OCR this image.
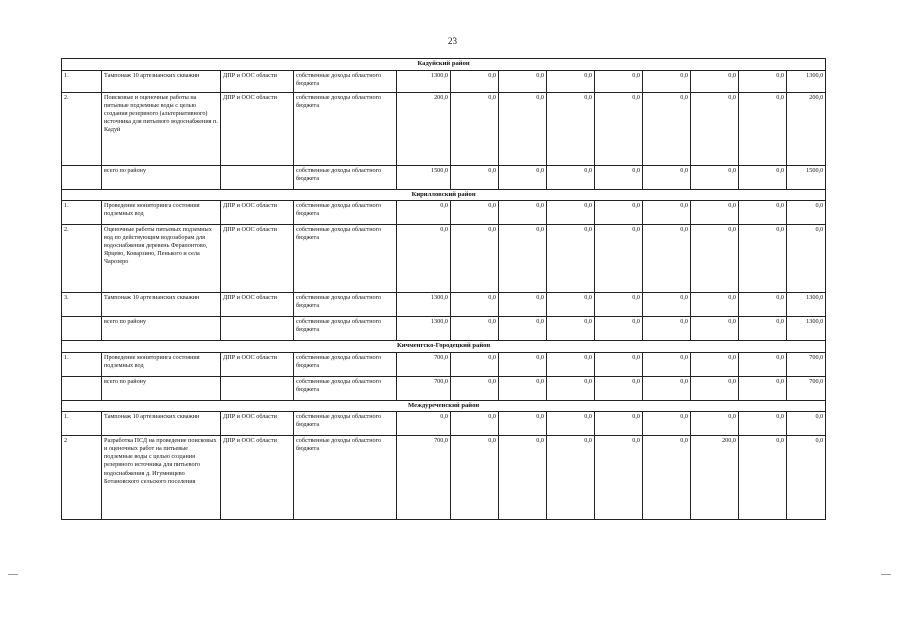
23
Кадуйский район												
1.	Тампонаж 10 артезианских скважин	ДПР и ООС области	собственные доходы областного бюджета	1300,0	0,0	0,0	0,0	0,0	0,0	0,0	0,0	1300,0
2.	Поисковые и оценочные работы на питьевые подземные воды с целью создания резервного (альтернативного) источника для питьевого водоснабжения п. Кадуй	ДПР и ООС области	собственные доходы областного бюджета	200,0	0,0	0,0	0,0	0,0	0,0	0,0	0,0	200,0
	всего по району		собственные доходы областного бюджета	1500,0	0,0	0,0	0,0	0,0	0,0	0,0	0,0	1500,0
Кирилловский район												
1.	Проведение мониторинга состояния подземных вод	ДПР и ООС области	собственные доходы областного бюджета	0,0	0,0	0,0	0,0	0,0	0,0	0,0	0,0	0,0
2.	Оценочные работы питьевых подземных вод по действующим водозаборам для водоснабжения деревень Ферапонтово, Ярцево, Коварзино, Пенького и села Чарозеро	ДПР и ООС области	собственные доходы областного бюджета	0,0	0,0	0,0	0,0	0,0	0,0	0,0	0,0	0,0
3.	Тампонаж 10 артезианских скважин	ДПР и ООС области	собственные доходы областного бюджета	1300,0	0,0	0,0	0,0	0,0	0,0	0,0	0,0	1300,0
	всего по району		собственные доходы областного бюджета	1300,0	0,0	0,0	0,0	0,0	0,0	0,0	0,0	1300,0
Кичменгско-Городецкий район												
1.	Проведение мониторинга состояния подземных вод	ДПР и ООС области	собственные доходы областного бюджета	700,0	0,0	0,0	0,0	0,0	0,0	0,0	0,0	700,0
	всего по району		собственные доходы областного бюджета	700,0	0,0	0,0	0,0	0,0	0,0	0,0	0,0	700,0
Междуреченский район												
1.	Тампонаж 10 артезианских скважин	ДПР и ООС области	собственные доходы областного бюджета	0,0	0,0	0,0	0,0	0,0	0,0	0,0	0,0	0,0
2	Разработка ПСД на проведение поисковых и оценочных работ на питьевые подземные воды с целью создания резервного источника для питьевого водоснабжения д. Игумницево Ботановского сельского поселения	ДПР и ООС области	собственные доходы областного бюджета	700,0	0,0	0,0	0,0	0,0	0,0	200,0	0,0	0,0
